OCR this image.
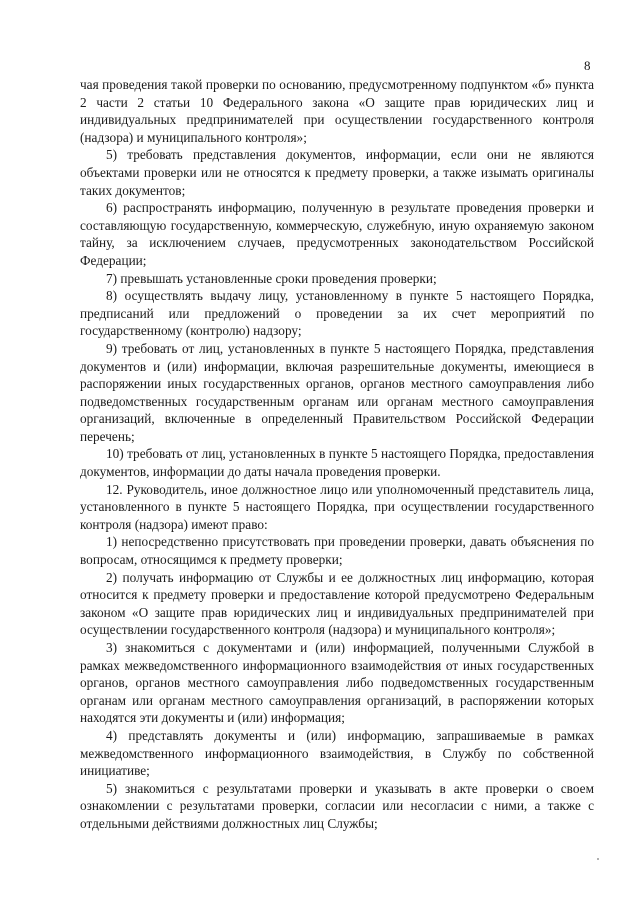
8

чая проведения такой проверки по основанию, предусмотренному подпунктом «б» пункта 2 части 2 статьи 10 Федерального закона «О защите прав юридических лиц и индивидуальных предпринимателей при осуществлении государственного контроля (надзора) и муниципального контроля»;

5) требовать представления документов, информации, если они не являются объектами проверки или не относятся к предмету проверки, а также изымать оригиналы таких документов;

6) распространять информацию, полученную в результате проведения проверки и составляющую государственную, коммерческую, служебную, иную охраняемую законом тайну, за исключением случаев, предусмотренных законодательством Российской Федерации;

7) превышать установленные сроки проведения проверки;

8) осуществлять выдачу лицу, установленному в пункте 5 настоящего Порядка, предписаний или предложений о проведении за их счет мероприятий по государственному (контролю) надзору;

9) требовать от лиц, установленных в пункте 5 настоящего Порядка, представления документов и (или) информации, включая разрешительные документы, имеющиеся в распоряжении иных государственных органов, органов местного самоуправления либо подведомственных государственным органам или органам местного самоуправления организаций, включенные в определенный Правительством Российской Федерации перечень;

10) требовать от лиц, установленных в пункте 5 настоящего Порядка, предоставления документов, информации до даты начала проведения проверки.

12. Руководитель, иное должностное лицо или уполномоченный представитель лица, установленного в пункте 5 настоящего Порядка, при осуществлении государственного контроля (надзора) имеют право:

1) непосредственно присутствовать при проведении проверки, давать объяснения по вопросам, относящимся к предмету проверки;

2) получать информацию от Службы и ее должностных лиц информацию, которая относится к предмету проверки и предоставление которой предусмотрено Федеральным законом «О защите прав юридических лиц и индивидуальных предпринимателей при осуществлении государственного контроля (надзора) и муниципального контроля»;

3) знакомиться с документами и (или) информацией, полученными Службой в рамках межведомственного информационного взаимодействия от иных государственных органов, органов местного самоуправления либо подведомственных государственным органам или органам местного самоуправления организаций, в распоряжении которых находятся эти документы и (или) информация;

4) представлять документы и (или) информацию, запрашиваемые в рамках межведомственного информационного взаимодействия, в Службу по собственной инициативе;

5) знакомиться с результатами проверки и указывать в акте проверки о своем ознакомлении с результатами проверки, согласии или несогласии с ними, а также с отдельными действиями должностных лиц Службы;
